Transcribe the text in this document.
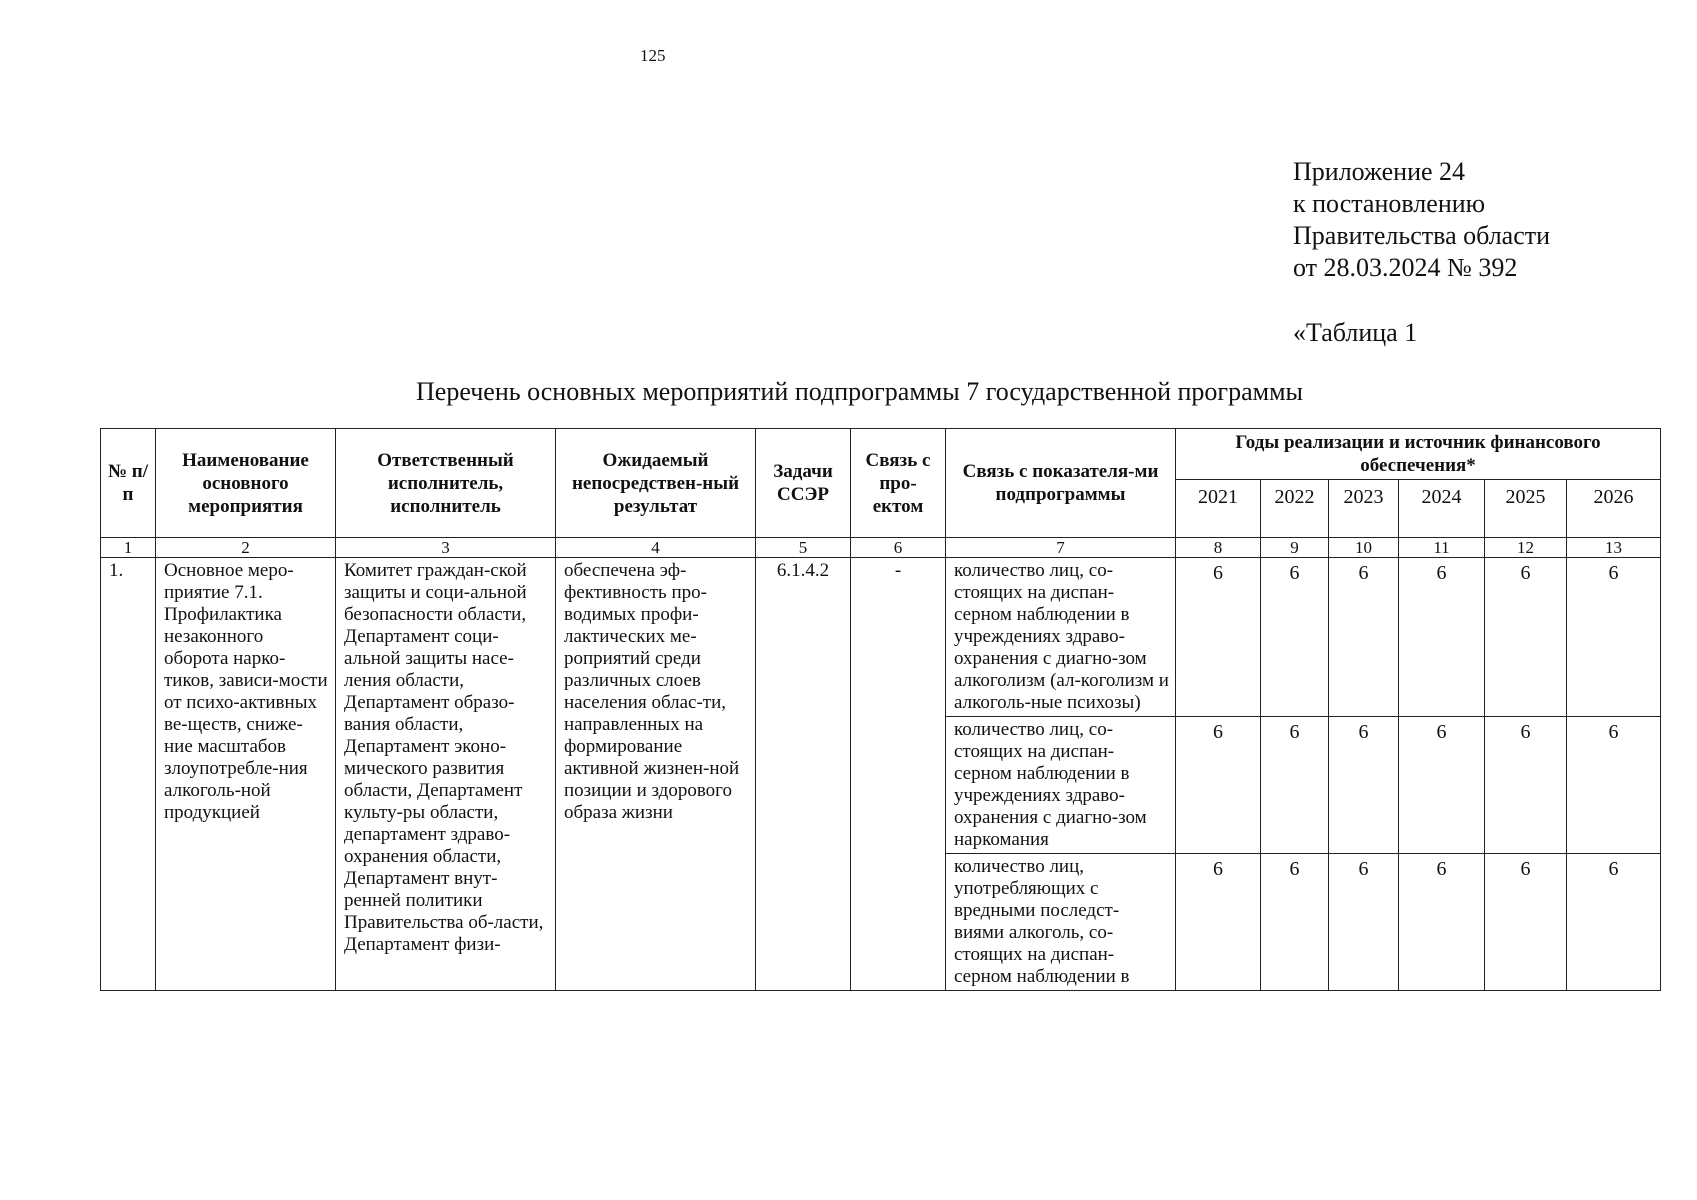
125
Приложение 24
к постановлению
Правительства области
от 28.03.2024 № 392
«Таблица 1
Перечень основных мероприятий подпрограммы 7 государственной программы
№ п/п	Наименование основного мероприятия	Ответственный исполнитель, исполнитель	Ожидаемый непосредствен-ный результат	Задачи ССЭР	Связь с про-ектом	Связь с показателя-ми подпрограммы	Годы реализации и источник финансового обеспечения*					
							2021	2022	2023	2024	2025	2026
1	2	3	4	5	6	7	8	9	10	11	12	13
1.	Основное меро-приятие 7.1. Профилактика незаконного оборота нарко-тиков, зависи-мости от психо-активных ве-ществ, сниже-ние масштабов злоупотребле-ния алкоголь-ной продукцией	Комитет граждан-ской защиты и соци-альной безопасности области, Департамент соци-альной защиты насе-ления области, Департамент образо-вания области, Департамент эконо-мического развития области, Департамент культу-ры области, департамент здраво-охранения области, Департамент внут-ренней политики Правительства об-ласти, Департамент физи-	обеспечена эф-фективность про-водимых профи-лактических ме-роприятий среди различных слоев населения облас-ти, направленных на формирование активной жизнен-ной позиции и здорового образа жизни	6.1.4.2	-	количество лиц, со-стоящих на диспан-серном наблюдении в учреждениях здраво-охранения с диагно-зом алкоголизм (ал-коголизм и алкоголь-ные психозы)	6	6	6	6	6	6
						количество лиц, со-стоящих на диспан-серном наблюдении в учреждениях здраво-охранения с диагно-зом наркомания	6	6	6	6	6	6
						количество лиц, употребляющих с вредными последст-виями алкоголь, со-стоящих на диспан-серном наблюдении в	6	6	6	6	6	6
